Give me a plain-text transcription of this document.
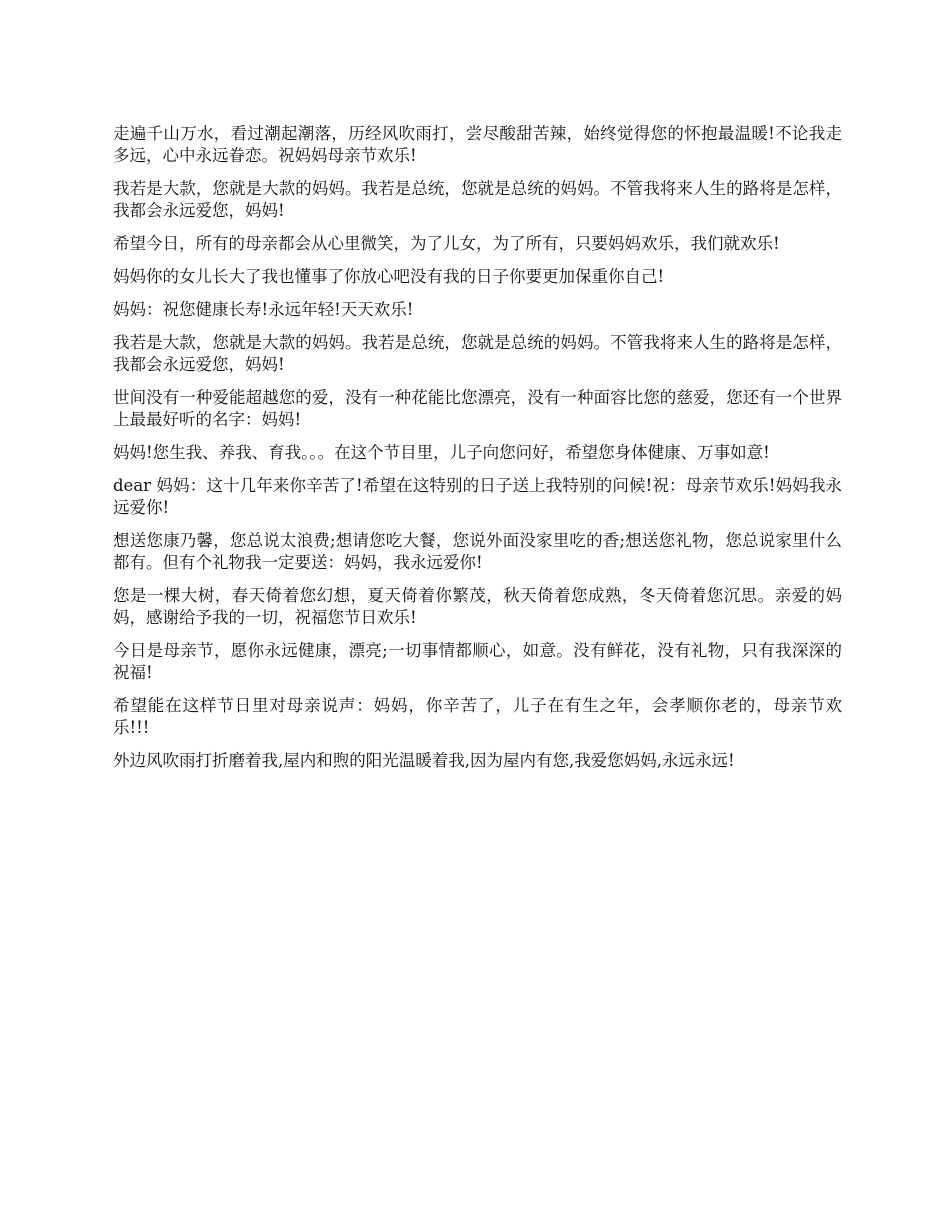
走遍千山万水，看过潮起潮落，历经风吹雨打，尝尽酸甜苦辣，始终觉得您的怀抱最温暖!不论我走多远，心中永远眷恋。祝妈妈母亲节欢乐!

我若是大款，您就是大款的妈妈。我若是总统，您就是总统的妈妈。不管我将来人生的路将是怎样，我都会永远爱您，妈妈!

希望今日，所有的母亲都会从心里微笑，为了儿女，为了所有，只要妈妈欢乐，我们就欢乐!

妈妈你的女儿长大了我也懂事了你放心吧没有我的日子你要更加保重你自己!

妈妈：祝您健康长寿!永远年轻!天天欢乐!

我若是大款，您就是大款的妈妈。我若是总统，您就是总统的妈妈。不管我将来人生的路将是怎样，我都会永远爱您，妈妈!

世间没有一种爱能超越您的爱，没有一种花能比您漂亮，没有一种面容比您的慈爱，您还有一个世界上最最好听的名字：妈妈!

妈妈!您生我、养我、育我。。。在这个节目里，儿子向您问好，希望您身体健康、万事如意!

dear 妈妈：这十几年来你辛苦了!希望在这特别的日子送上我特别的问候!祝：母亲节欢乐!妈妈我永远爱你!

想送您康乃馨，您总说太浪费;想请您吃大餐，您说外面没家里吃的香;想送您礼物，您总说家里什么都有。但有个礼物我一定要送：妈妈，我永远爱你!

您是一棵大树，春天倚着您幻想，夏天倚着你繁茂，秋天倚着您成熟，冬天倚着您沉思。亲爱的妈妈，感谢给予我的一切，祝福您节日欢乐!

今日是母亲节，愿你永远健康，漂亮;一切事情都顺心，如意。没有鲜花，没有礼物，只有我深深的祝福!

希望能在这样节日里对母亲说声：妈妈，你辛苦了，儿子在有生之年，会孝顺你老的，母亲节欢乐!!!

外边风吹雨打折磨着我,屋内和煦的阳光温暖着我,因为屋内有您,我爱您妈妈,永远永远!
